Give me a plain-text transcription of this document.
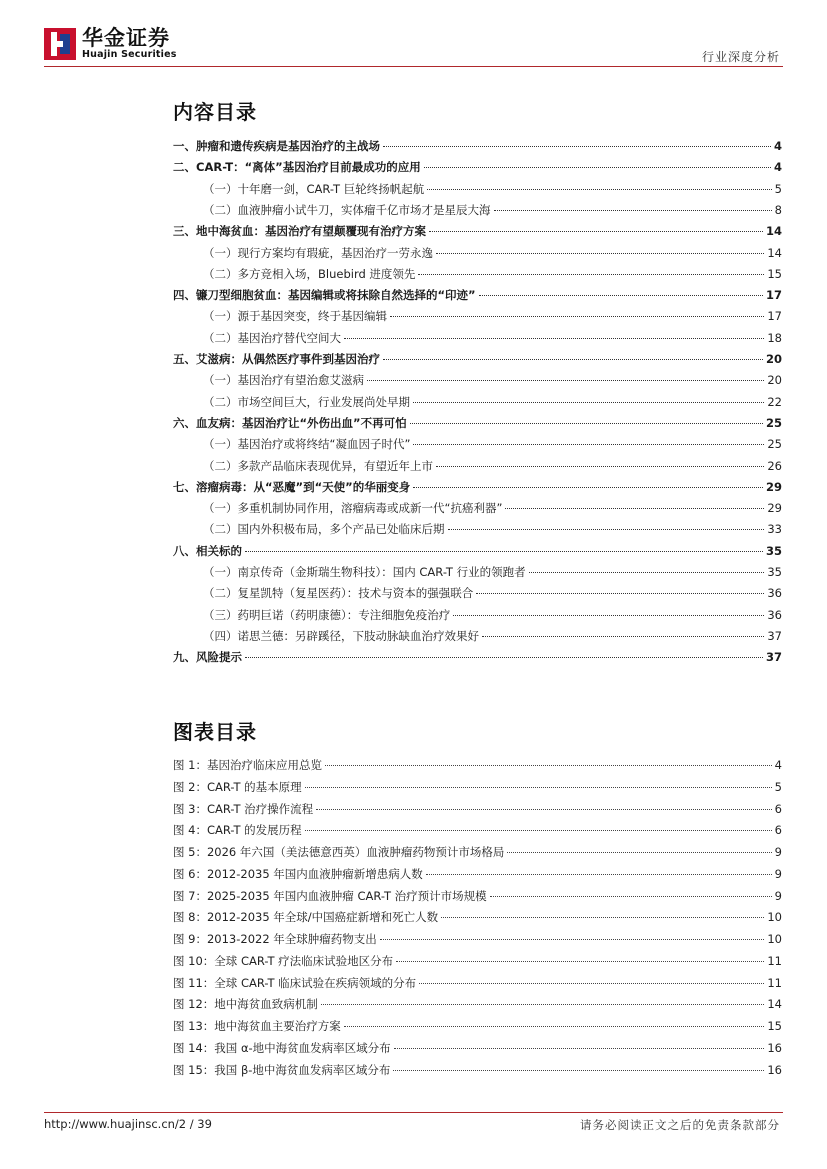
华金证券
Huajin Securities	行业深度分析
内容目录
一、肿瘤和遗传疾病是基因治疗的主战场	4
二、CAR-T：“离体”基因治疗目前最成功的应用	4
（一）十年磨一剑，CAR-T 巨轮终扬帆起航	5
（二）血液肿瘤小试牛刀，实体瘤千亿市场才是星辰大海	8
三、地中海贫血：基因治疗有望颠覆现有治疗方案	14
（一）现行方案均有瑕疵，基因治疗一劳永逸	14
（二）多方竞相入场，Bluebird 进度领先	15
四、镰刀型细胞贫血：基因编辑或将抹除自然选择的“印迹”	17
（一）源于基因突变，终于基因编辑	17
（二）基因治疗替代空间大	18
五、艾滋病：从偶然医疗事件到基因治疗	20
（一）基因治疗有望治愈艾滋病	20
（二）市场空间巨大，行业发展尚处早期	22
六、血友病：基因治疗让“外伤出血”不再可怕	25
（一）基因治疗或将终结“凝血因子时代”	25
（二）多款产品临床表现优异，有望近年上市	26
七、溶瘤病毒：从“恶魔”到“天使”的华丽变身	29
（一）多重机制协同作用，溶瘤病毒或成新一代“抗癌利器”	29
（二）国内外积极布局，多个产品已处临床后期	33
八、相关标的	35
（一）南京传奇（金斯瑞生物科技）：国内 CAR-T 行业的领跑者	35
（二）复星凯特（复星医药）：技术与资本的强强联合	36
（三）药明巨诺（药明康德）：专注细胞免疫治疗	36
（四）诺思兰德：另辟蹊径，下肢动脉缺血治疗效果好	37
九、风险提示	37
图表目录
图 1：基因治疗临床应用总览	4
图 2：CAR-T 的基本原理	5
图 3：CAR-T 治疗操作流程	6
图 4：CAR-T 的发展历程	6
图 5：2026 年六国（美法德意西英）血液肿瘤药物预计市场格局	9
图 6：2012-2035 年国内血液肿瘤新增患病人数	9
图 7：2025-2035 年国内血液肿瘤 CAR-T 治疗预计市场规模	9
图 8：2012-2035 年全球/中国癌症新增和死亡人数	10
图 9：2013-2022 年全球肿瘤药物支出	10
图 10：全球 CAR-T 疗法临床试验地区分布	11
图 11：全球 CAR-T 临床试验在疾病领域的分布	11
图 12：地中海贫血致病机制	14
图 13：地中海贫血主要治疗方案	15
图 14：我国 α-地中海贫血发病率区域分布	16
图 15：我国 β-地中海贫血发病率区域分布	16
http://www.huajinsc.cn/2 / 39	请务必阅读正文之后的免责条款部分
